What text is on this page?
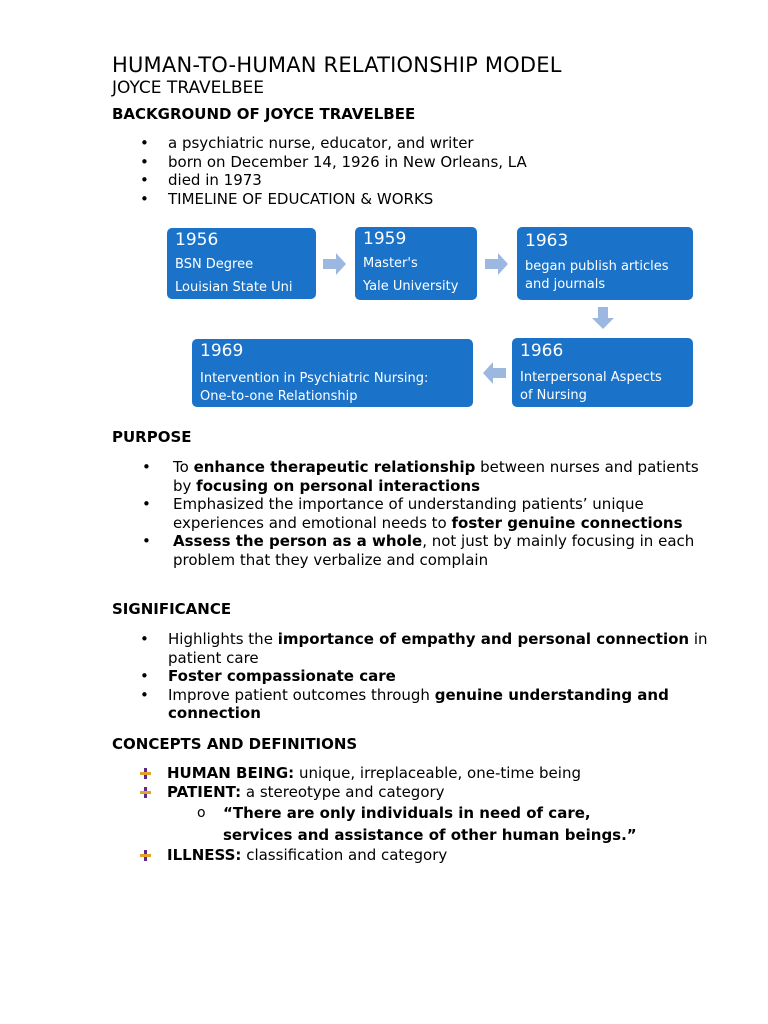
HUMAN-TO-HUMAN RELATIONSHIP MODEL
JOYCE TRAVELBEE
BACKGROUND OF JOYCE TRAVELBEE
• a psychiatric nurse, educator, and writer
• born on December 14, 1926 in New Orleans, LA
• died in 1973
• TIMELINE OF EDUCATION & WORKS
1956
BSN Degree
Louisian State Uni
1959
Master's
Yale University
1963
began publish articles
and journals
1966
Interpersonal Aspects
of Nursing
1969
Intervention in Psychiatric Nursing:
One-to-one Relationship
PURPOSE
• To enhance therapeutic relationship between nurses and patients by focusing on personal interactions
• Emphasized the importance of understanding patients’ unique experiences and emotional needs to foster genuine connections
• Assess the person as a whole, not just by mainly focusing in each problem that they verbalize and complain
SIGNIFICANCE
• Highlights the importance of empathy and personal connection in patient care
• Foster compassionate care
• Improve patient outcomes through genuine understanding and connection
CONCEPTS AND DEFINITIONS
HUMAN BEING: unique, irreplaceable, one-time being
PATIENT: a stereotype and category
o “There are only individuals in need of care,
services and assistance of other human beings.”
ILLNESS: classification and category
